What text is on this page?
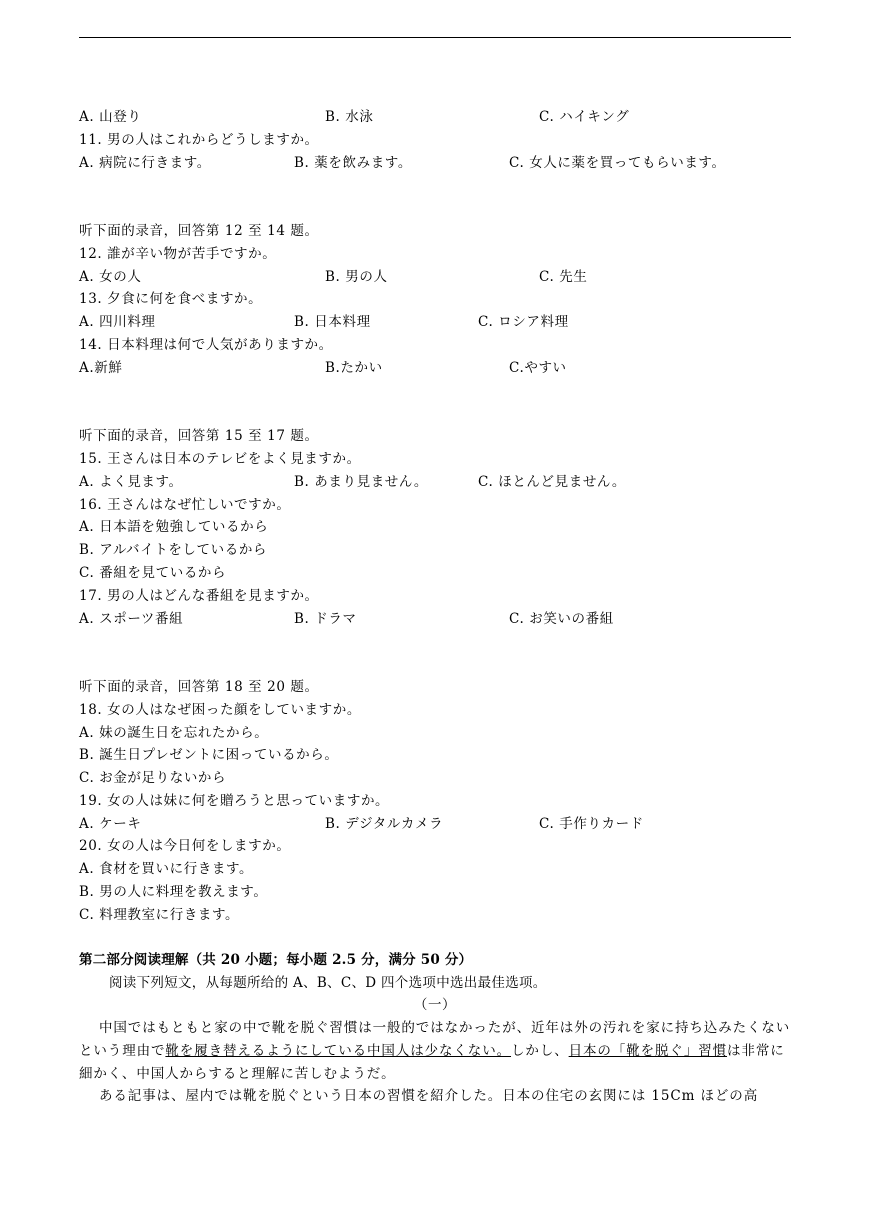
A. 山登り	B. 水泳	C. ハイキング
11. 男の人はこれからどうしますか。
A. 病院に行きます。	B. 薬を飲みます。	C. 女人に薬を買ってもらいます。
听下面的录音，回答第 12 至 14 题。
12. 誰が辛い物が苦手ですか。
A. 女の人	B. 男の人	C. 先生
13. 夕食に何を食べますか。
A. 四川料理	B. 日本料理	C. ロシア料理
14. 日本料理は何で人気がありますか。
A.新鮮	B.たかい	C.やすい
听下面的录音，回答第 15 至 17 题。
15. 王さんは日本のテレビをよく見ますか。
A. よく見ます。	B. あまり見ません。	C. ほとんど見ません。
16. 王さんはなぜ忙しいですか。
A. 日本語を勉強しているから
B. アルバイトをしているから
C. 番組を見ているから
17. 男の人はどんな番組を見ますか。
A. スポーツ番組	B. ドラマ	C. お笑いの番組
听下面的录音，回答第 18 至 20 题。
18. 女の人はなぜ困った顔をしていますか。
A. 妹の誕生日を忘れたから。
B. 誕生日プレゼントに困っているから。
C. お金が足りないから
19. 女の人は妹に何を贈ろうと思っていますか。
A. ケーキ	B. デジタルカメラ	C. 手作りカード
20. 女の人は今日何をしますか。
A. 食材を買いに行きます。
B. 男の人に料理を教えます。
C. 料理教室に行きます。
第二部分阅读理解（共 20 小题；每小题 2.5 分，满分 50 分）
阅读下列短文，从每题所给的 A、B、C、D 四个选项中选出最佳选项。
（一）
中国ではもともと家の中で靴を脱ぐ習慣は一般的ではなかったが、近年は外の汚れを家に持ち込みたくないという理由で靴を履き替えるようにしている中国人は少なくない。しかし、日本の「靴を脱ぐ」習慣は非常に細かく、中国人からすると理解に苦しむようだ。
ある記事は、屋内では靴を脱ぐという日本の習慣を紹介した。日本の住宅の玄関には 15Cm ほどの高
